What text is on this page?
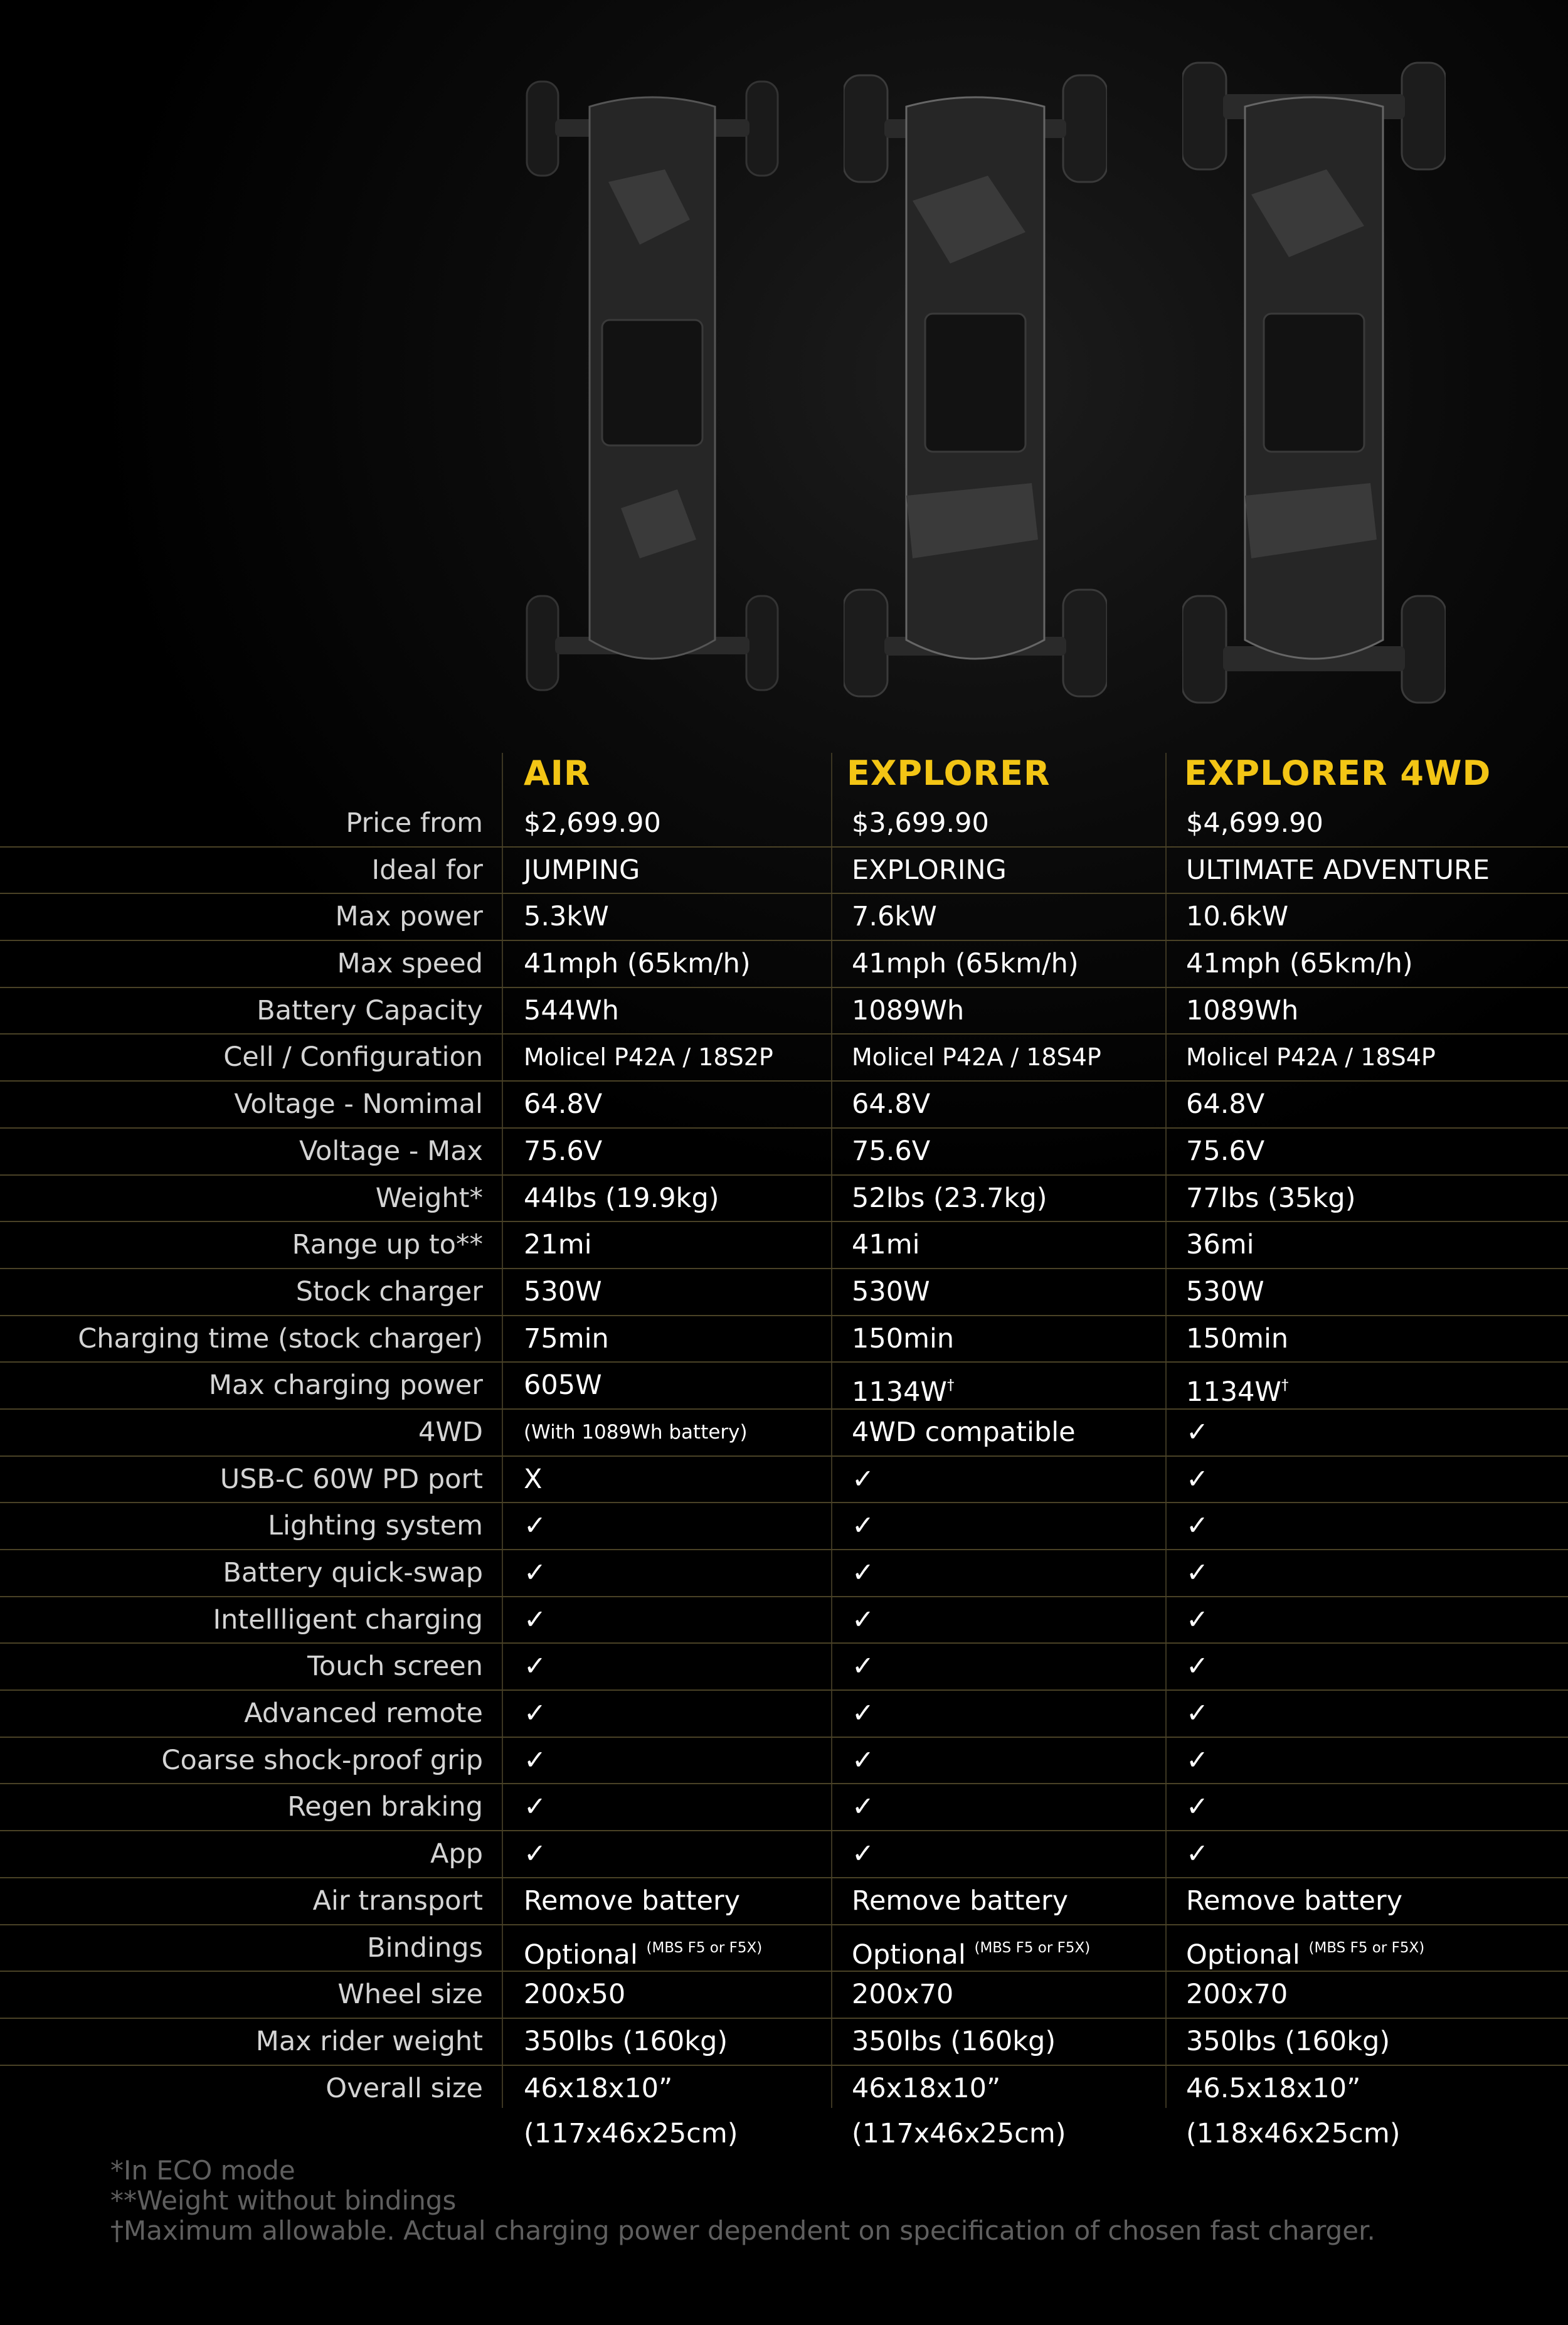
AIR	EXPLORER	EXPLORER 4WD
Price from $2,699.90	$3,699.90	$4,699.90
Ideal for JUMPING	EXPLORING	ULTIMATE ADVENTURE
Max power 5.3kW	7.6kW	10.6kW
Max speed 41mph (65km/h)	41mph (65km/h)	41mph (65km/h)
Battery Capacity 544Wh	1089Wh	1089Wh
Cell / Configuration Molicel P42A / 18S2P	Molicel P42A / 18S4P	Molicel P42A / 18S4P
Voltage - Nomimal 64.8V	64.8V	64.8V
Voltage - Max 75.6V	75.6V	75.6V
Weight* 44lbs (19.9kg)	52lbs (23.7kg)	77lbs (35kg)
Range up to** 21mi	41mi	36mi
Stock charger 530W	530W	530W
Charging time (stock charger) 75min	150min	150min
Max charging power 605W	1134W†	1134W†
4WD (With 1089Wh battery)	4WD compatible	✓
USB-C 60W PD port X	✓	✓
Lighting system ✓	✓	✓
Battery quick-swap ✓	✓	✓
Intellligent charging ✓	✓	✓
Touch screen ✓	✓	✓
Advanced remote ✓	✓	✓
Coarse shock-proof grip ✓	✓	✓
Regen braking ✓	✓	✓
App ✓	✓	✓
Air transport Remove battery	Remove battery	Remove battery
Bindings Optional $^{(MBS F5 or F5X)}$	Optional $^{(MBS F5 or F5X)}$	Optional $^{(MBS F5 or F5X)}$
Wheel size 200x50	200x70	200x70
Max rider weight 350lbs (160kg)	350lbs (160kg)	350lbs (160kg)
Overall size 46x18x10”	46x18x10”	46.5x18x10”
(117x46x25cm)	(117x46x25cm)	(118x46x25cm)
*In ECO mode
**Weight without bindings
†Maximum allowable. Actual charging power dependent on specification of chosen fast charger.
